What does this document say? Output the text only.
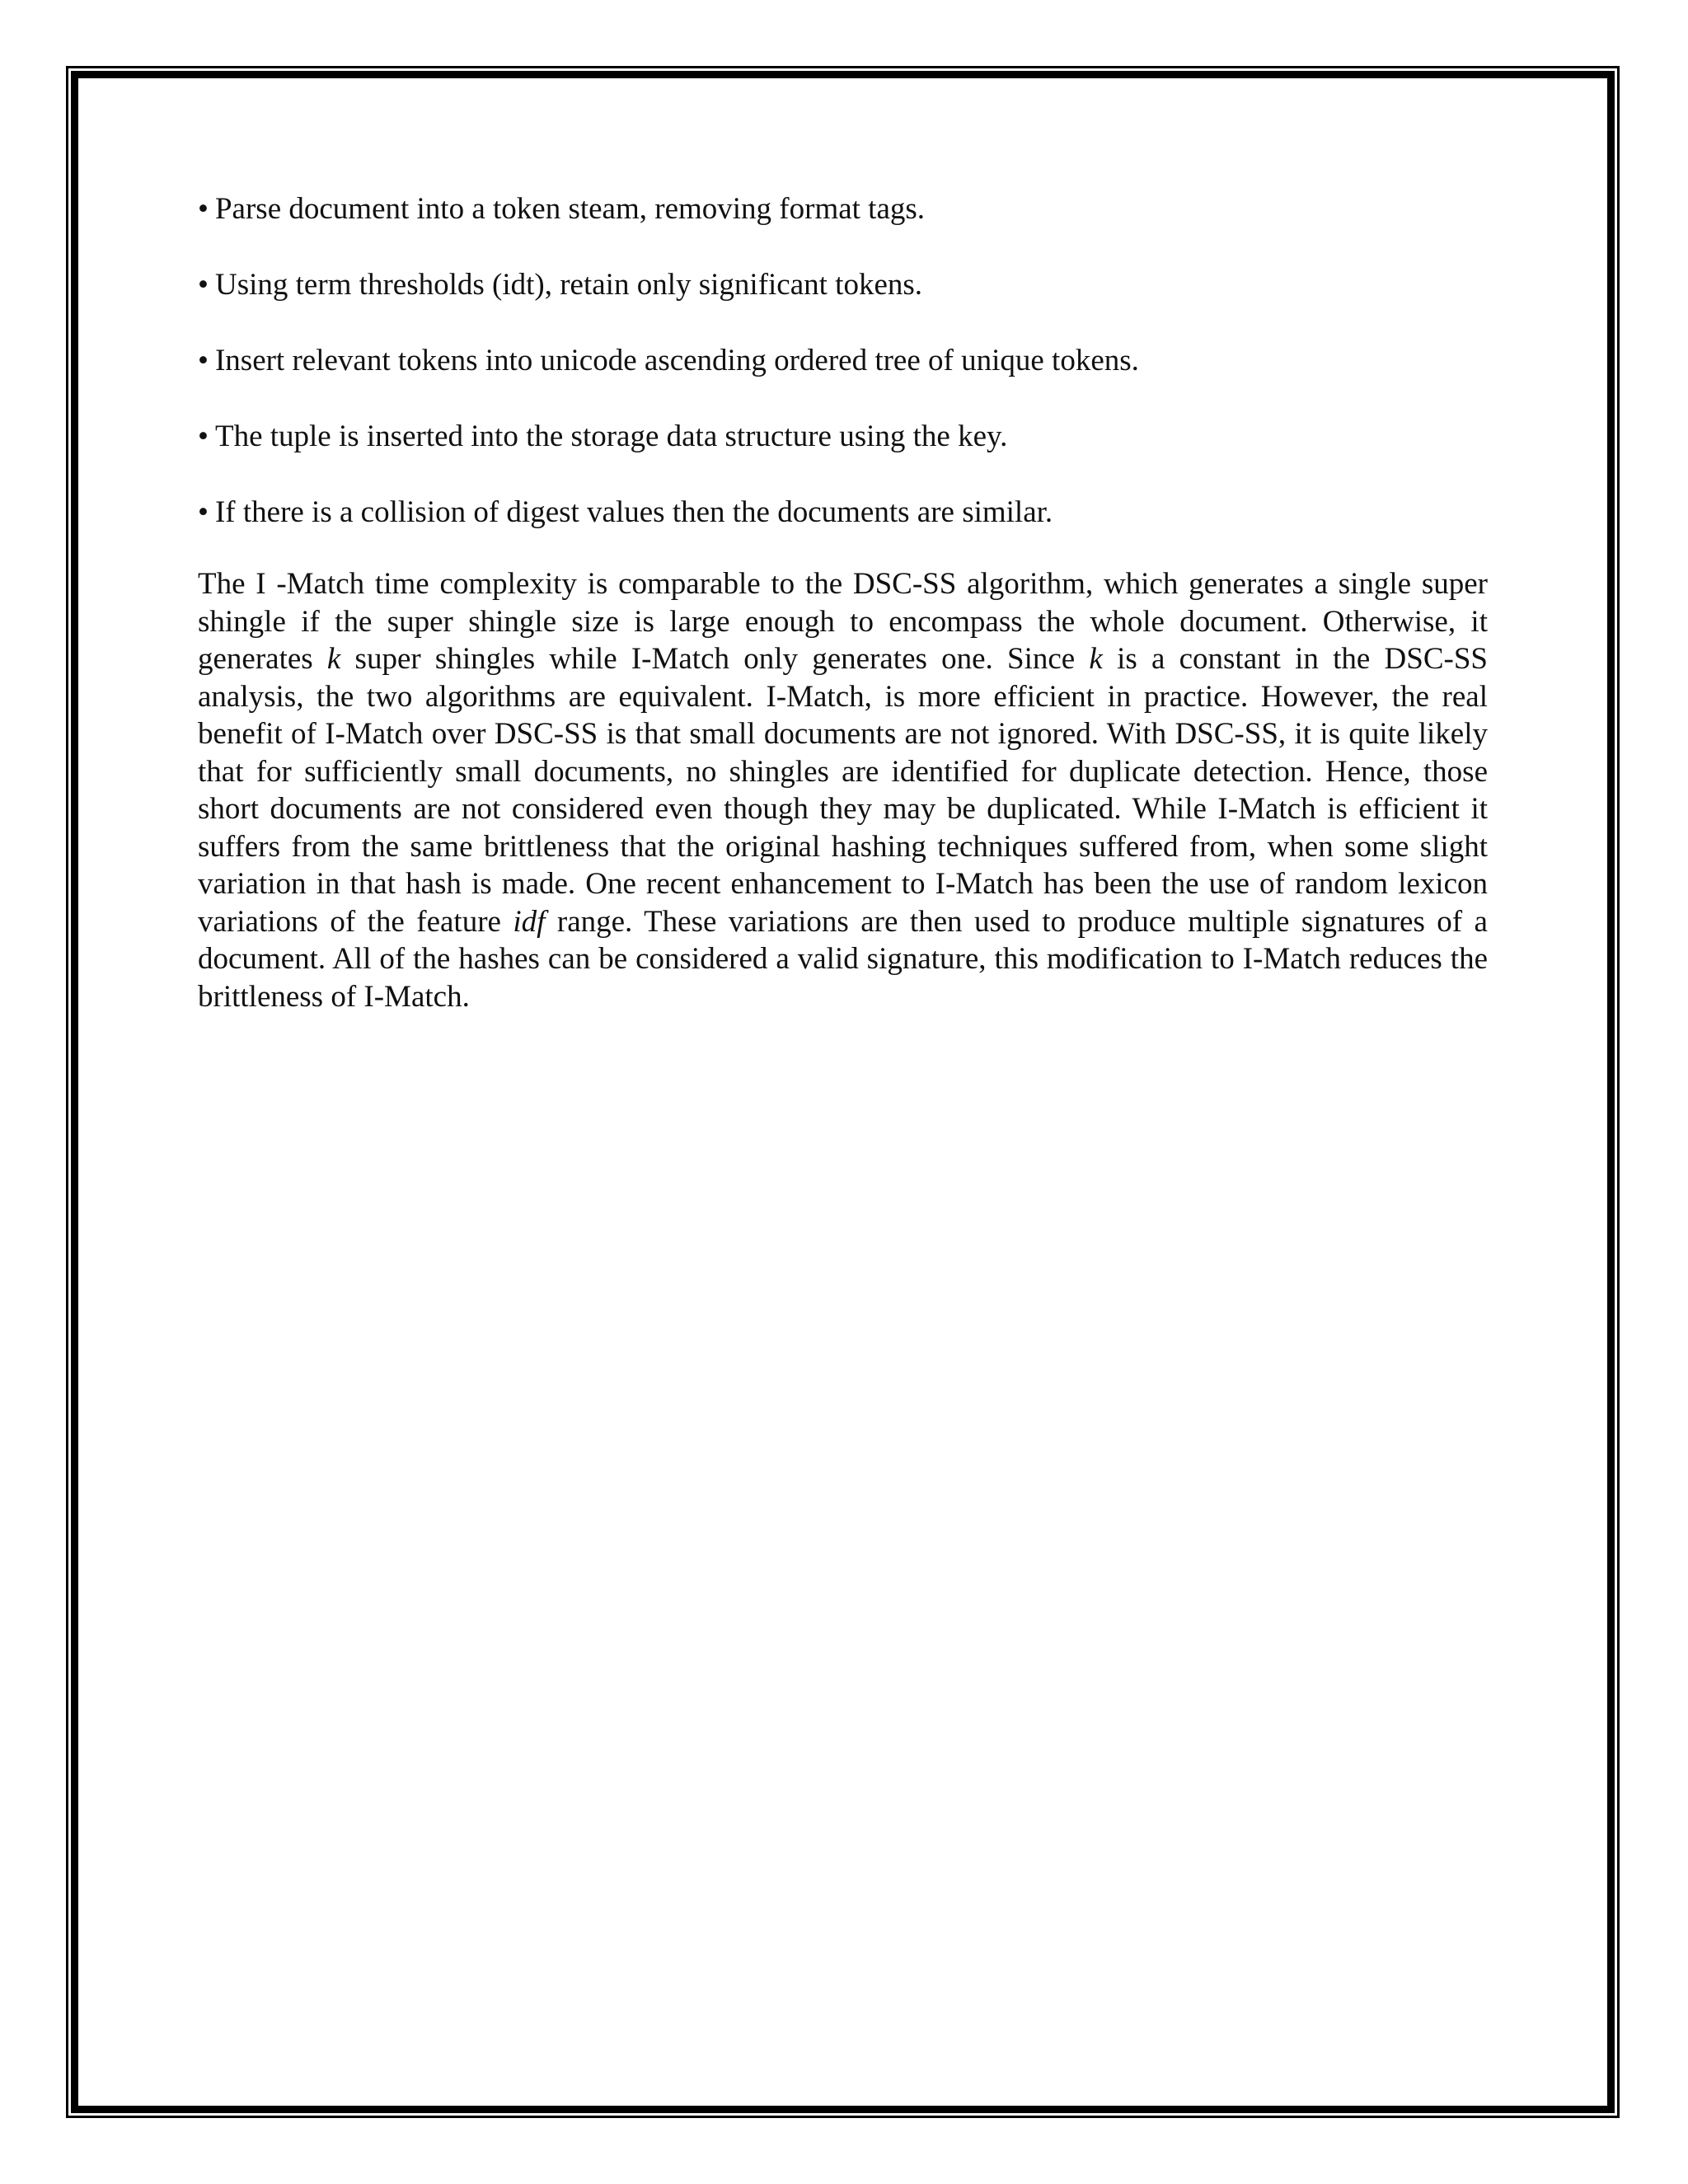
• Parse document into a token steam, removing format tags.
• Using term thresholds (idt), retain only significant tokens.
• Insert relevant tokens into unicode ascending ordered tree of unique tokens.
• The tuple is inserted into the storage data structure using the key.
• If there is a collision of digest values then the documents are similar.

The I -Match time complexity is comparable to the DSC-SS algorithm, which generates a single super shingle if the super shingle size is large enough to encompass the whole document. Otherwise, it generates k super shingles while I-Match only generates one. Since k is a constant in the DSC-SS analysis, the two algorithms are equivalent. I-Match, is more efficient in practice. However, the real benefit of I-Match over DSC-SS is that small documents are not ignored. With DSC-SS, it is quite likely that for sufficiently small documents, no shingles are identified for duplicate detection. Hence, those short documents are not considered even though they may be duplicated. While I-Match is efficient it suffers from the same brittleness that the original hashing techniques suffered from, when some slight variation in that hash is made. One recent enhancement to I-Match has been the use of random lexicon variations of the feature idf range. These variations are then used to produce multiple signatures of a document. All of the hashes can be considered a valid signature, this modification to I-Match reduces the brittleness of I-Match.
